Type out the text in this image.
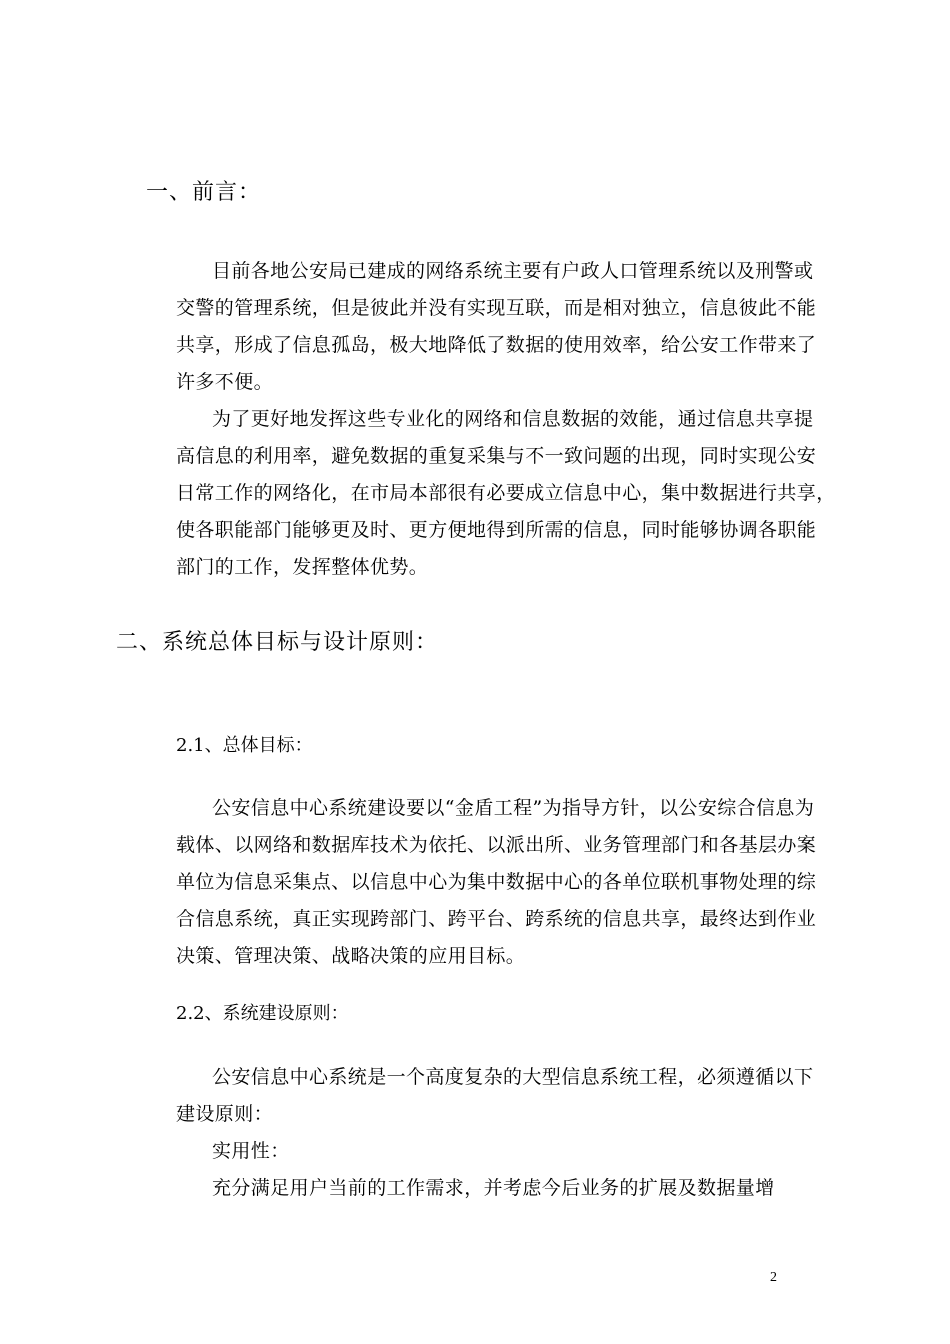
一、前言：
目前各地公安局已建成的网络系统主要有户政人口管理系统以及刑警或
交警的管理系统，但是彼此并没有实现互联，而是相对独立，信息彼此不能
共享，形成了信息孤岛，极大地降低了数据的使用效率，给公安工作带来了
许多不便。
为了更好地发挥这些专业化的网络和信息数据的效能，通过信息共享提
高信息的利用率，避免数据的重复采集与不一致问题的出现，同时实现公安
日常工作的网络化，在市局本部很有必要成立信息中心，集中数据进行共享，
使各职能部门能够更及时、更方便地得到所需的信息，同时能够协调各职能
部门的工作，发挥整体优势。
二、系统总体目标与设计原则：
2.1、总体目标：
公安信息中心系统建设要以“金盾工程”为指导方针，以公安综合信息为
载体、以网络和数据库技术为依托、以派出所、业务管理部门和各基层办案
单位为信息采集点、以信息中心为集中数据中心的各单位联机事物处理的综
合信息系统，真正实现跨部门、跨平台、跨系统的信息共享，最终达到作业
决策、管理决策、战略决策的应用目标。
2.2、系统建设原则：
公安信息中心系统是一个高度复杂的大型信息系统工程，必须遵循以下
建设原则：
实用性：
充分满足用户当前的工作需求，并考虑今后业务的扩展及数据量增
2
